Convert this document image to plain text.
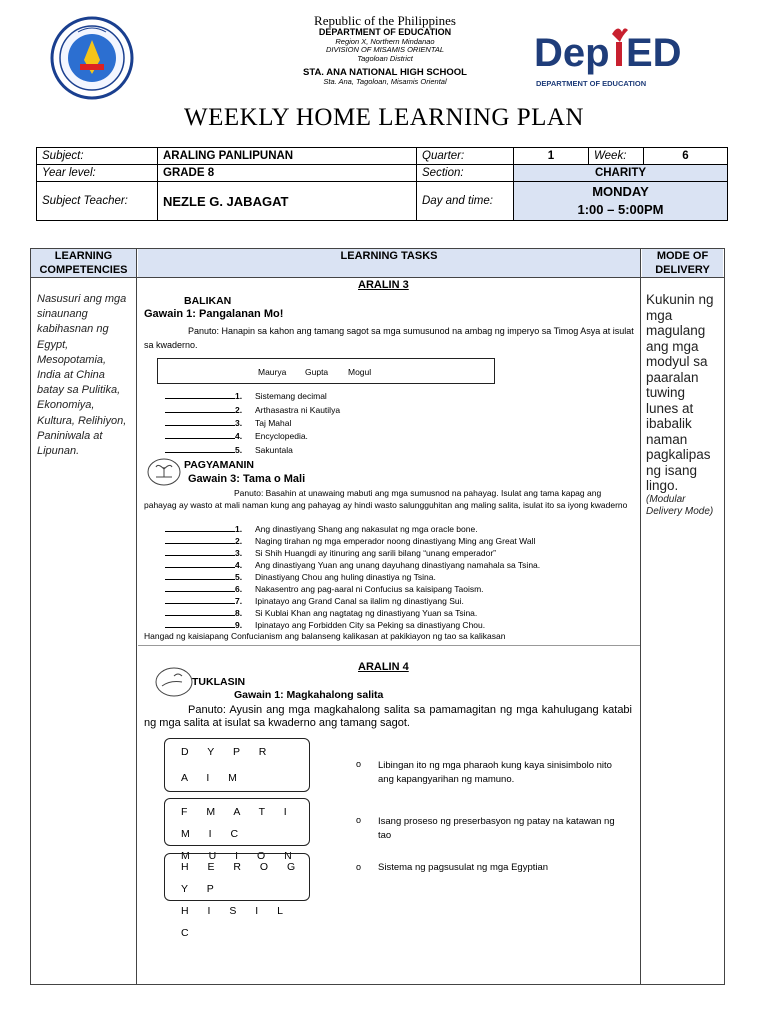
Republic of the Philippines
DEPARTMENT OF EDUCATION
Region X, Northern Mindanao
DIVISION OF MISAMIS ORIENTAL
Tagoloan District
STA. ANA NATIONAL HIGH SCHOOL
Sta. Ana, Tagoloan, Misamis Oriental
Dep ED
DEPARTMENT OF EDUCATION
WEEKLY HOME LEARNING PLAN
Subject:	ARALING PANLIPUNAN	Quarter:	1	Week:	6
Year level:	GRADE 8	Section:	CHARITY		
Subject Teacher:	NEZLE G. JABAGAT	Day and time:	MONDAY
1:00 – 5:00PM		
LEARNING COMPETENCIES
LEARNING TASKS	MODE OF DELIVERY
Nasusuri ang mga sinaunang kabihasnan ng Egypt, Mesopotamia, India at China batay sa Pulitika, Ekonomiya, Kultura, Relihiyon, Paniniwala at Lipunan.
Kukunin ng mga magulang ang mga modyul sa paaralan tuwing lunes at ibabalik naman pagkalipas ng isang lingo.
(Modular Delivery Mode)
ARALIN 3
BALIKAN
Gawain 1: Pangalanan Mo!
Panuto: Hanapin sa kahon ang tamang sagot sa mga sumusunod na ambag ng imperyo sa Timog Asya at isulat sa kwaderno.
Maurya Gupta Mogul
1. Sistemang decimal
2. Arthasastra ni Kautilya
3. Taj Mahal
4. Encyclopedia.
5. Sakuntala
PAGYAMANIN
Gawain 3: Tama o Mali
Panuto: Basahin at unawaing mabuti ang mga sumusnod na pahayag. Isulat ang tama kapag ang pahayag ay wasto at mali naman kung ang pahayag ay hindi wasto salungguhitan ang maling salita, isulat ito sa iyong kwaderno
1. Ang dinastiyang Shang ang nakasulat ng mga oracle bone.
2. Naging tirahan ng mga emperador noong dinastiyang Ming ang Great Wall
3. Si Shih Huangdi ay itinuring ang sarili bilang “unang emperador”
4. Ang dinastiyang Yuan ang unang dayuhang dinastiyang namahala sa Tsina.
5. Dinastiyang Chou ang huling dinastiya ng Tsina.
6. Nakasentro ang pag-aaral ni Confucius sa kaisipang Taoism.
7. Ipinatayo ang Grand Canal sa ilalim ng dinastiyang Sui.
8. Si Kublai Khan ang nagtatag ng dinastiyang Yuan sa Tsina.
9. Ipinatayo ang Forbidden City sa Peking sa dinastiyang Chou.
Hangad ng kaisiapang Confucianism ang balanseng kalikasan at pakikiayon ng tao sa kalikasan
ARALIN 4
TUKLASIN
Gawain 1: Magkahalong salita
Panuto: Ayusin ang mga magkahalong salita sa pamamagitan ng mga kahulugang katabi ng mga salita at isulat sa kwaderno ang tamang sagot.
D Y P R
A I M
o Libingan ito ng mga pharaoh kung kaya sinisimbolo nito ang kapangyarihan ng mamuno.
F M A T I M I C
M U I O N
o Isang proseso ng preserbasyon ng patay na katawan ng tao
H E R O G Y P
H I S I L C
o Sistema ng pagsusulat ng mga Egyptian
